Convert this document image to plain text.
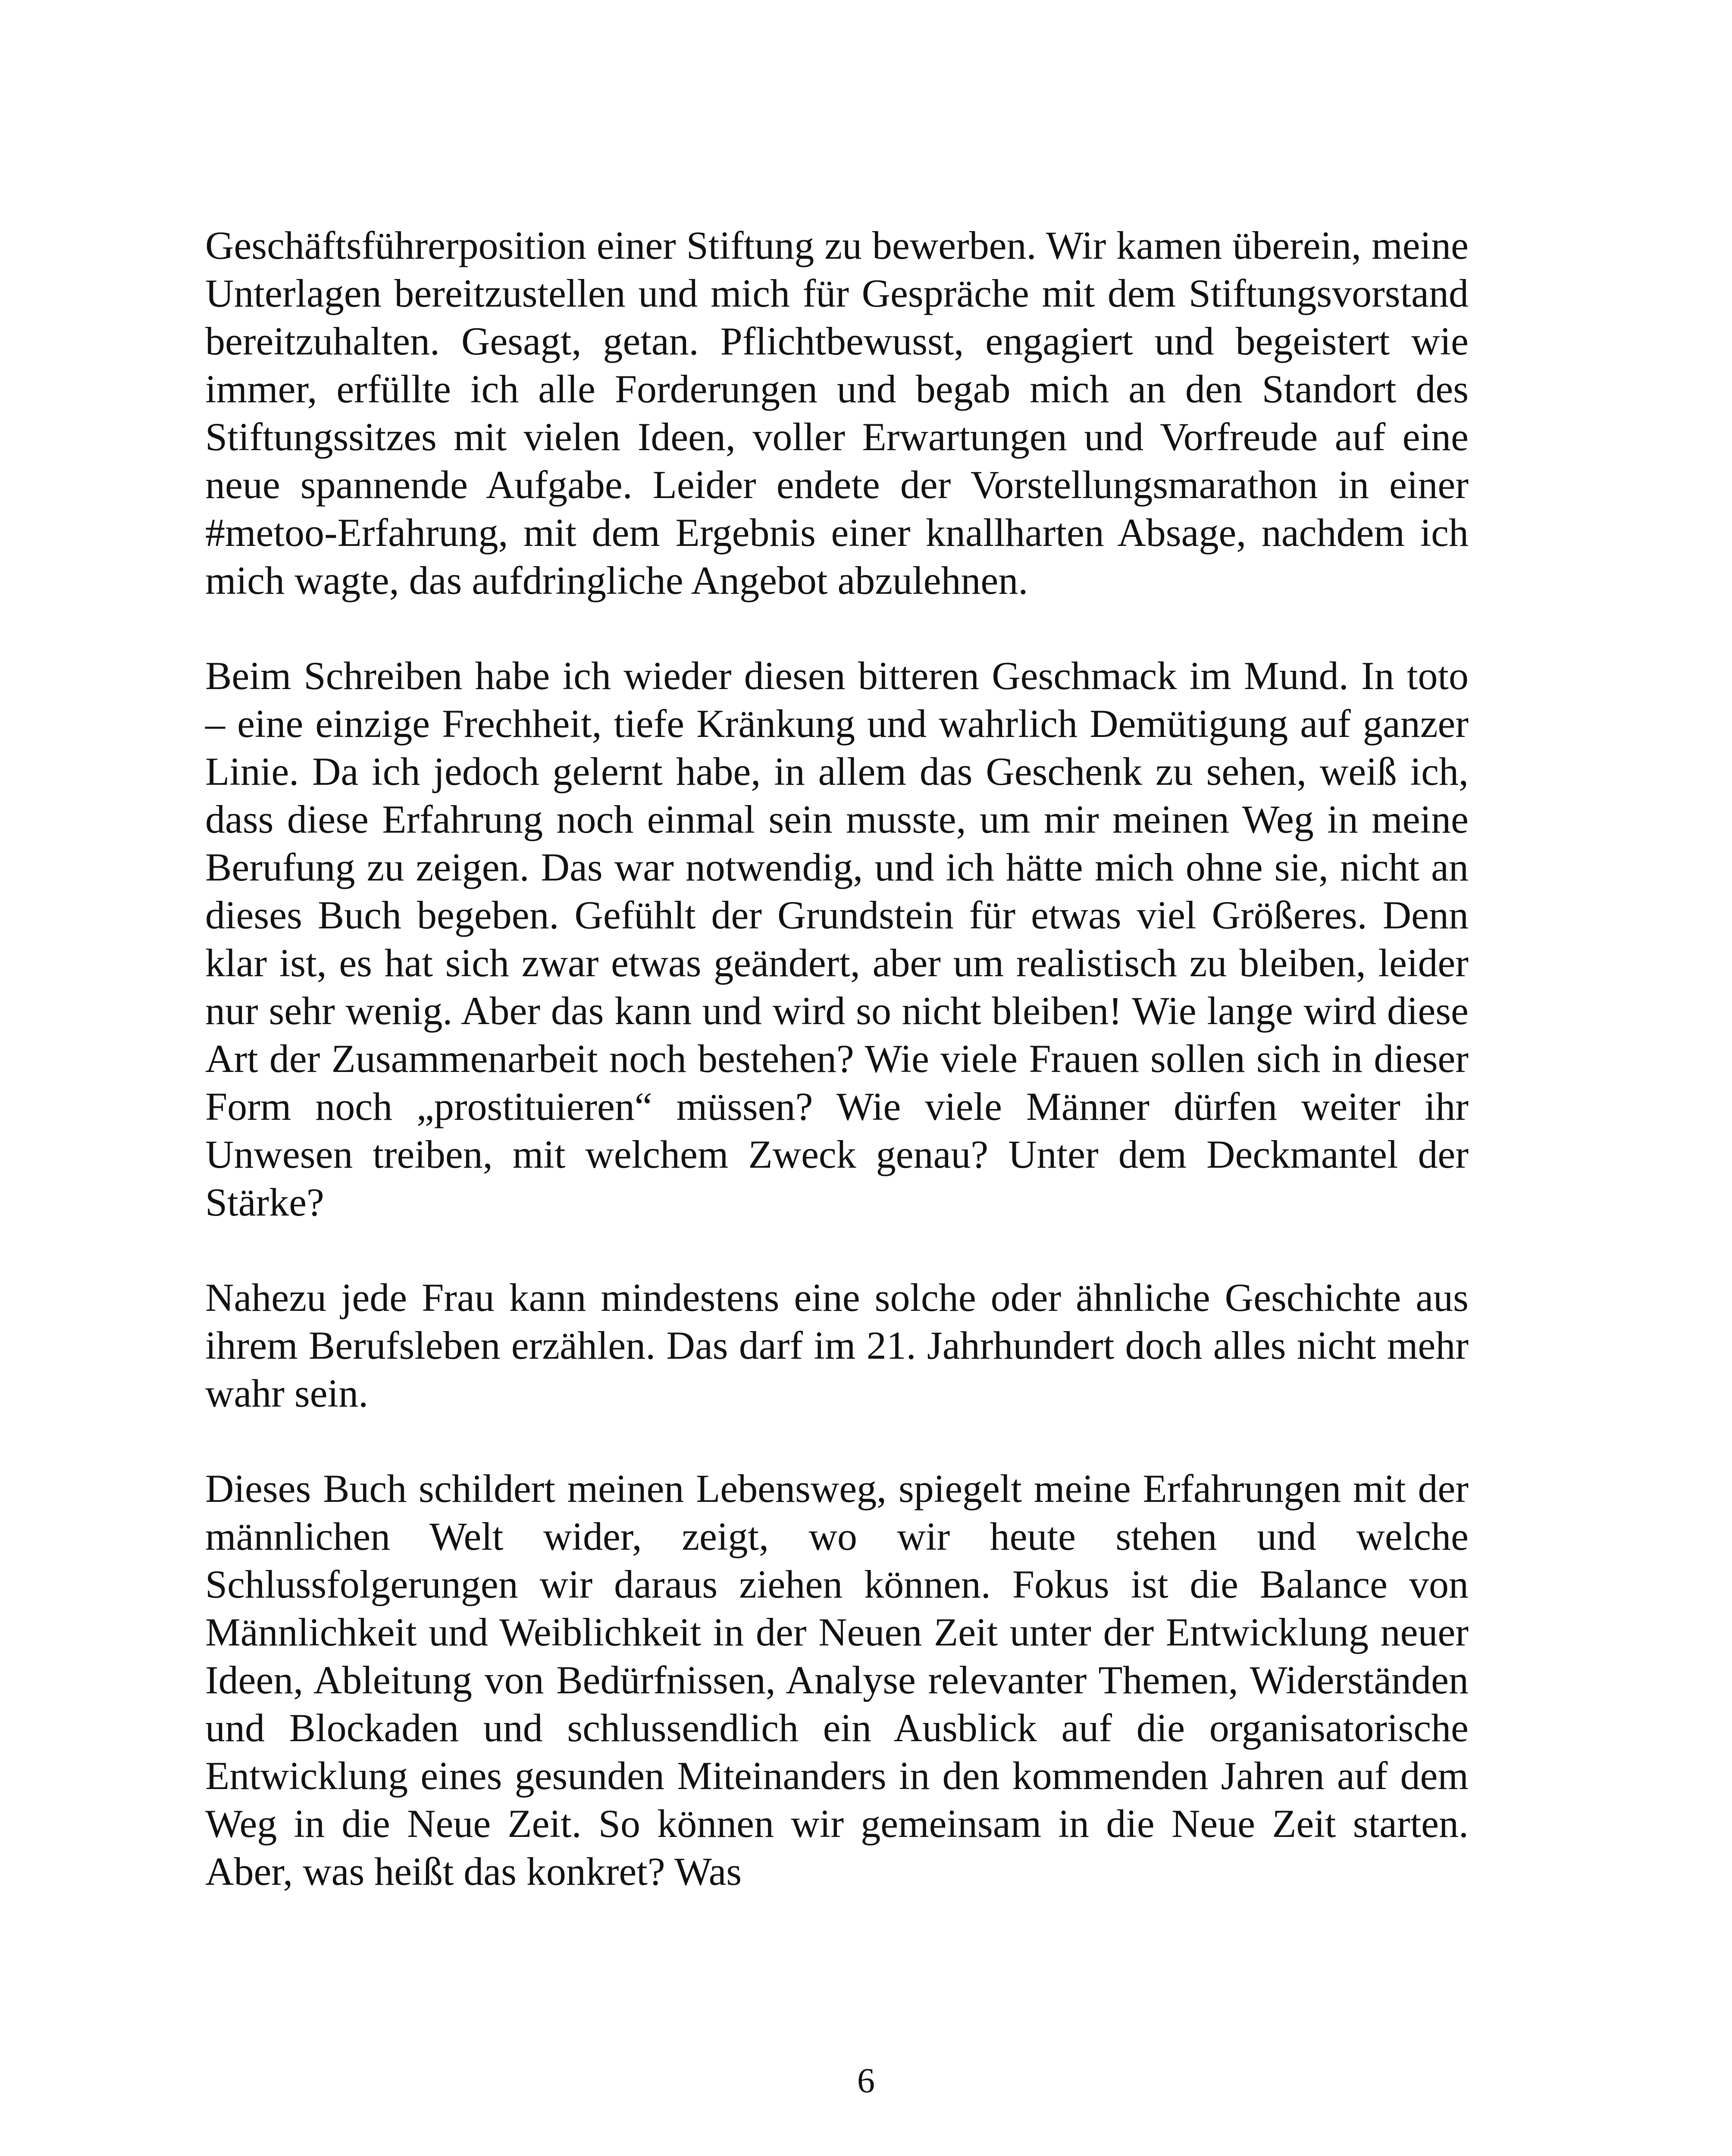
Geschäftsführerposition einer Stiftung zu bewerben. Wir kamen überein, meine Unterlagen bereitzustellen und mich für Gespräche mit dem Stiftungsvorstand bereitzuhalten. Gesagt, getan. Pflichtbewusst, engagiert und begeistert wie immer, erfüllte ich alle Forderungen und begab mich an den Standort des Stiftungssitzes mit vielen Ideen, voller Erwartungen und Vorfreude auf eine neue spannende Aufgabe. Leider endete der Vorstellungsmarathon in einer #metoo-Erfahrung, mit dem Ergebnis einer knallharten Absage, nachdem ich mich wagte, das aufdringliche Angebot abzulehnen.

Beim Schreiben habe ich wieder diesen bitteren Geschmack im Mund. In toto – eine einzige Frechheit, tiefe Kränkung und wahrlich Demütigung auf ganzer Linie. Da ich jedoch gelernt habe, in allem das Geschenk zu sehen, weiß ich, dass diese Erfahrung noch einmal sein musste, um mir meinen Weg in meine Berufung zu zeigen. Das war notwendig, und ich hätte mich ohne sie, nicht an dieses Buch begeben. Gefühlt der Grundstein für etwas viel Größeres. Denn klar ist, es hat sich zwar etwas geändert, aber um realistisch zu bleiben, leider nur sehr wenig. Aber das kann und wird so nicht bleiben! Wie lange wird diese Art der Zusammenarbeit noch bestehen? Wie viele Frauen sollen sich in dieser Form noch „prostituieren“ müssen? Wie viele Männer dürfen weiter ihr Unwesen treiben, mit welchem Zweck genau? Unter dem Deckmantel der Stärke?

Nahezu jede Frau kann mindestens eine solche oder ähnliche Geschichte aus ihrem Berufsleben erzählen. Das darf im 21. Jahrhundert doch alles nicht mehr wahr sein.

Dieses Buch schildert meinen Lebensweg, spiegelt meine Erfahrungen mit der männlichen Welt wider, zeigt, wo wir heute stehen und welche Schlussfolgerungen wir daraus ziehen können. Fokus ist die Balance von Männlichkeit und Weiblichkeit in der Neuen Zeit unter der Entwicklung neuer Ideen, Ableitung von Bedürfnissen, Analyse relevanter Themen, Widerständen und Blockaden und schlussendlich ein Ausblick auf die organisatorische Entwicklung eines gesunden Miteinanders in den kommenden Jahren auf dem Weg in die Neue Zeit. So können wir gemeinsam in die Neue Zeit starten. Aber, was heißt das konkret? Was

6
